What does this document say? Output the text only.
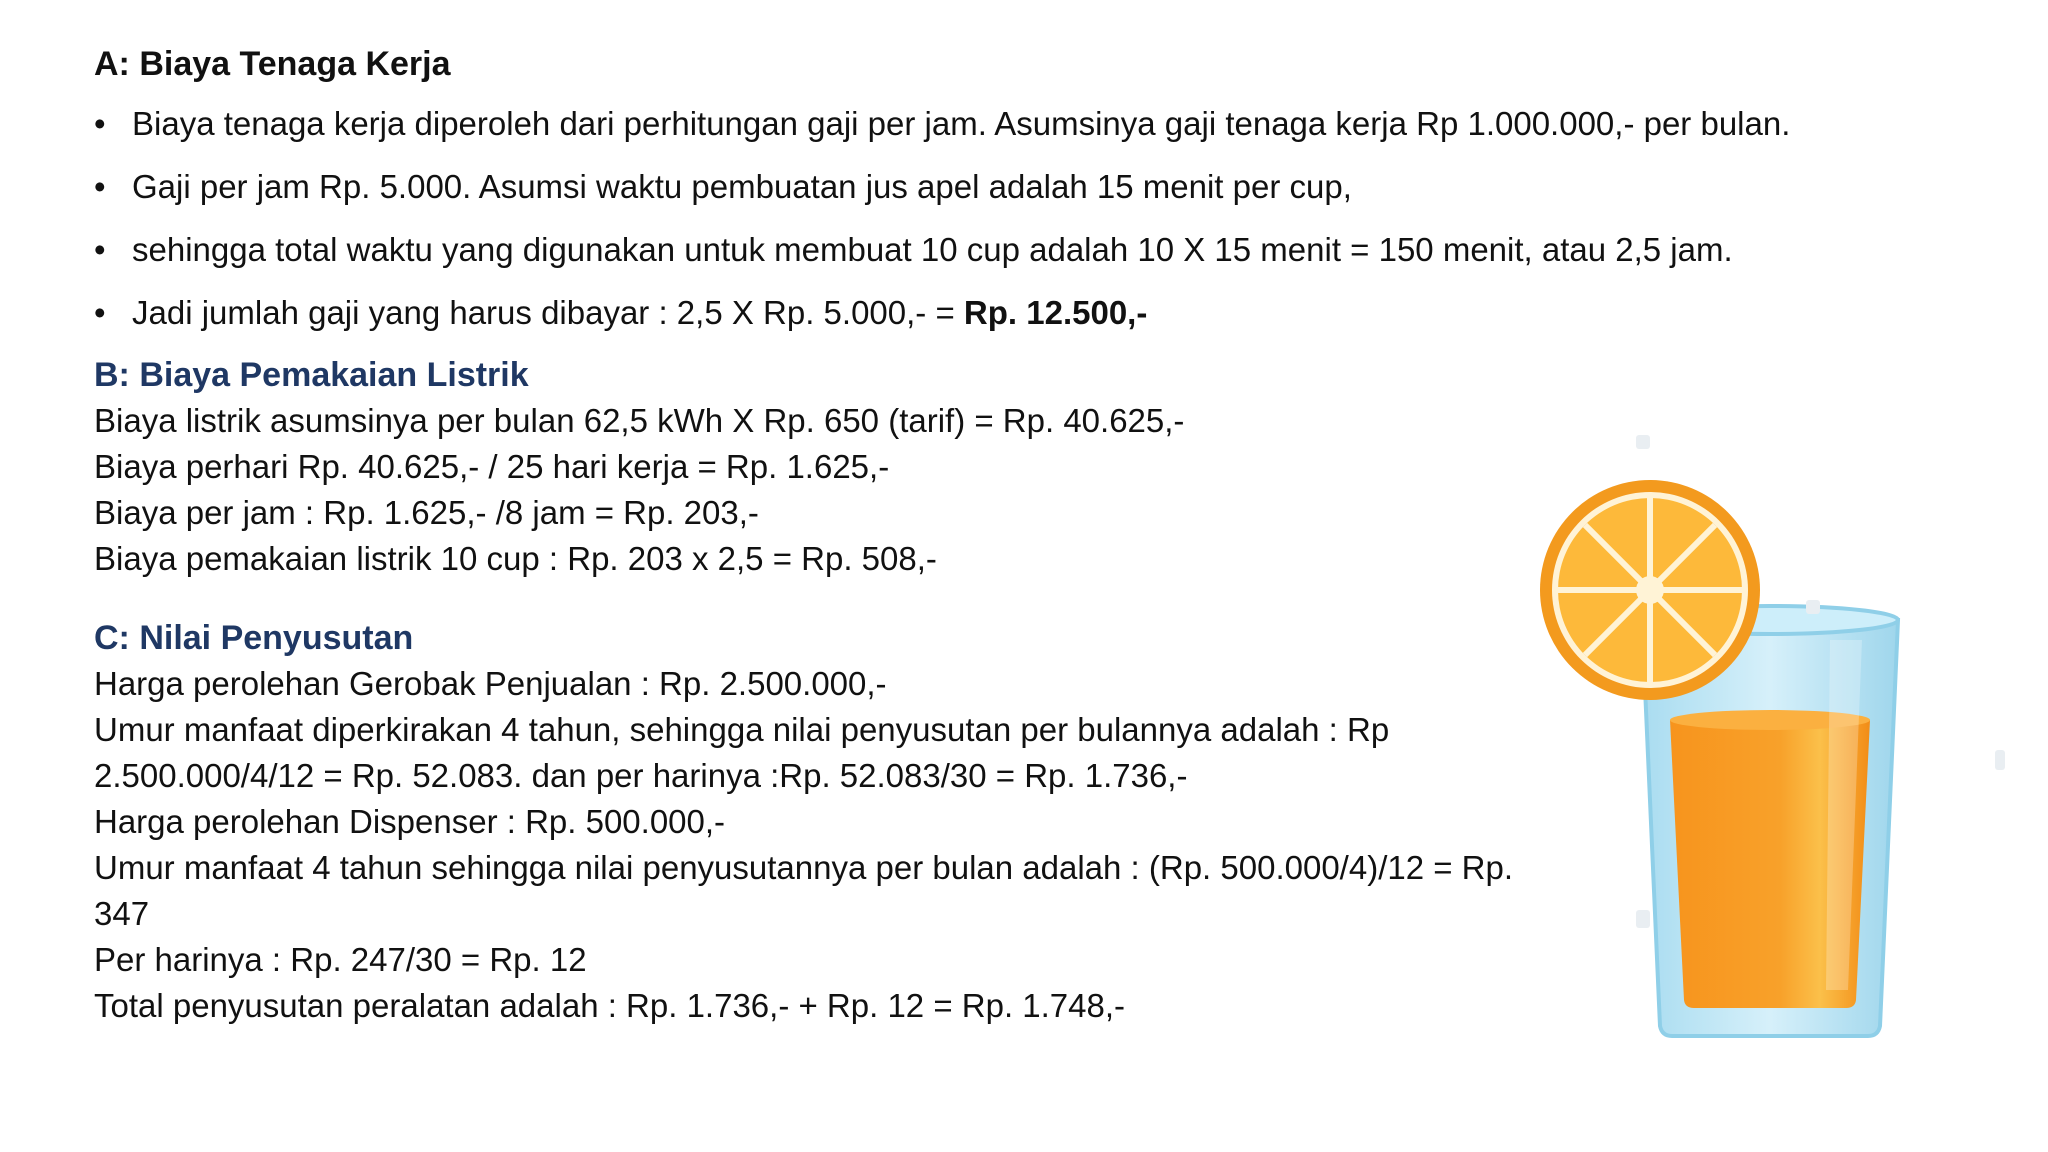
A: Biaya Tenaga Kerja
• Biaya tenaga kerja diperoleh dari perhitungan gaji per jam. Asumsinya gaji tenaga kerja Rp 1.000.000,- per bulan.
• Gaji per jam Rp. 5.000. Asumsi waktu pembuatan jus apel adalah 15 menit per cup,
• sehingga total waktu yang digunakan untuk membuat 10 cup adalah 10 X 15 menit = 150 menit, atau 2,5 jam.
• Jadi jumlah gaji yang harus dibayar : 2,5 X Rp. 5.000,- = Rp. 12.500,-
B: Biaya Pemakaian Listrik
Biaya listrik asumsinya per bulan 62,5 kWh X Rp. 650 (tarif) = Rp. 40.625,-
Biaya perhari Rp. 40.625,- / 25 hari kerja = Rp. 1.625,-
Biaya per jam : Rp. 1.625,- /8 jam = Rp. 203,-
Biaya pemakaian listrik 10 cup : Rp. 203 x 2,5 = Rp. 508,-
C: Nilai Penyusutan
Harga perolehan Gerobak Penjualan : Rp. 2.500.000,-
Umur manfaat diperkirakan 4 tahun, sehingga nilai penyusutan per bulannya adalah : Rp
2.500.000/4/12 = Rp. 52.083. dan per harinya :Rp. 52.083/30 = Rp. 1.736,-
Harga perolehan Dispenser : Rp. 500.000,-
Umur manfaat 4 tahun sehingga nilai penyusutannya per bulan adalah : (Rp. 500.000/4)/12 = Rp.
347
Per harinya : Rp. 247/30 = Rp. 12
Total penyusutan peralatan adalah : Rp. 1.736,- + Rp. 12 = Rp. 1.748,-
